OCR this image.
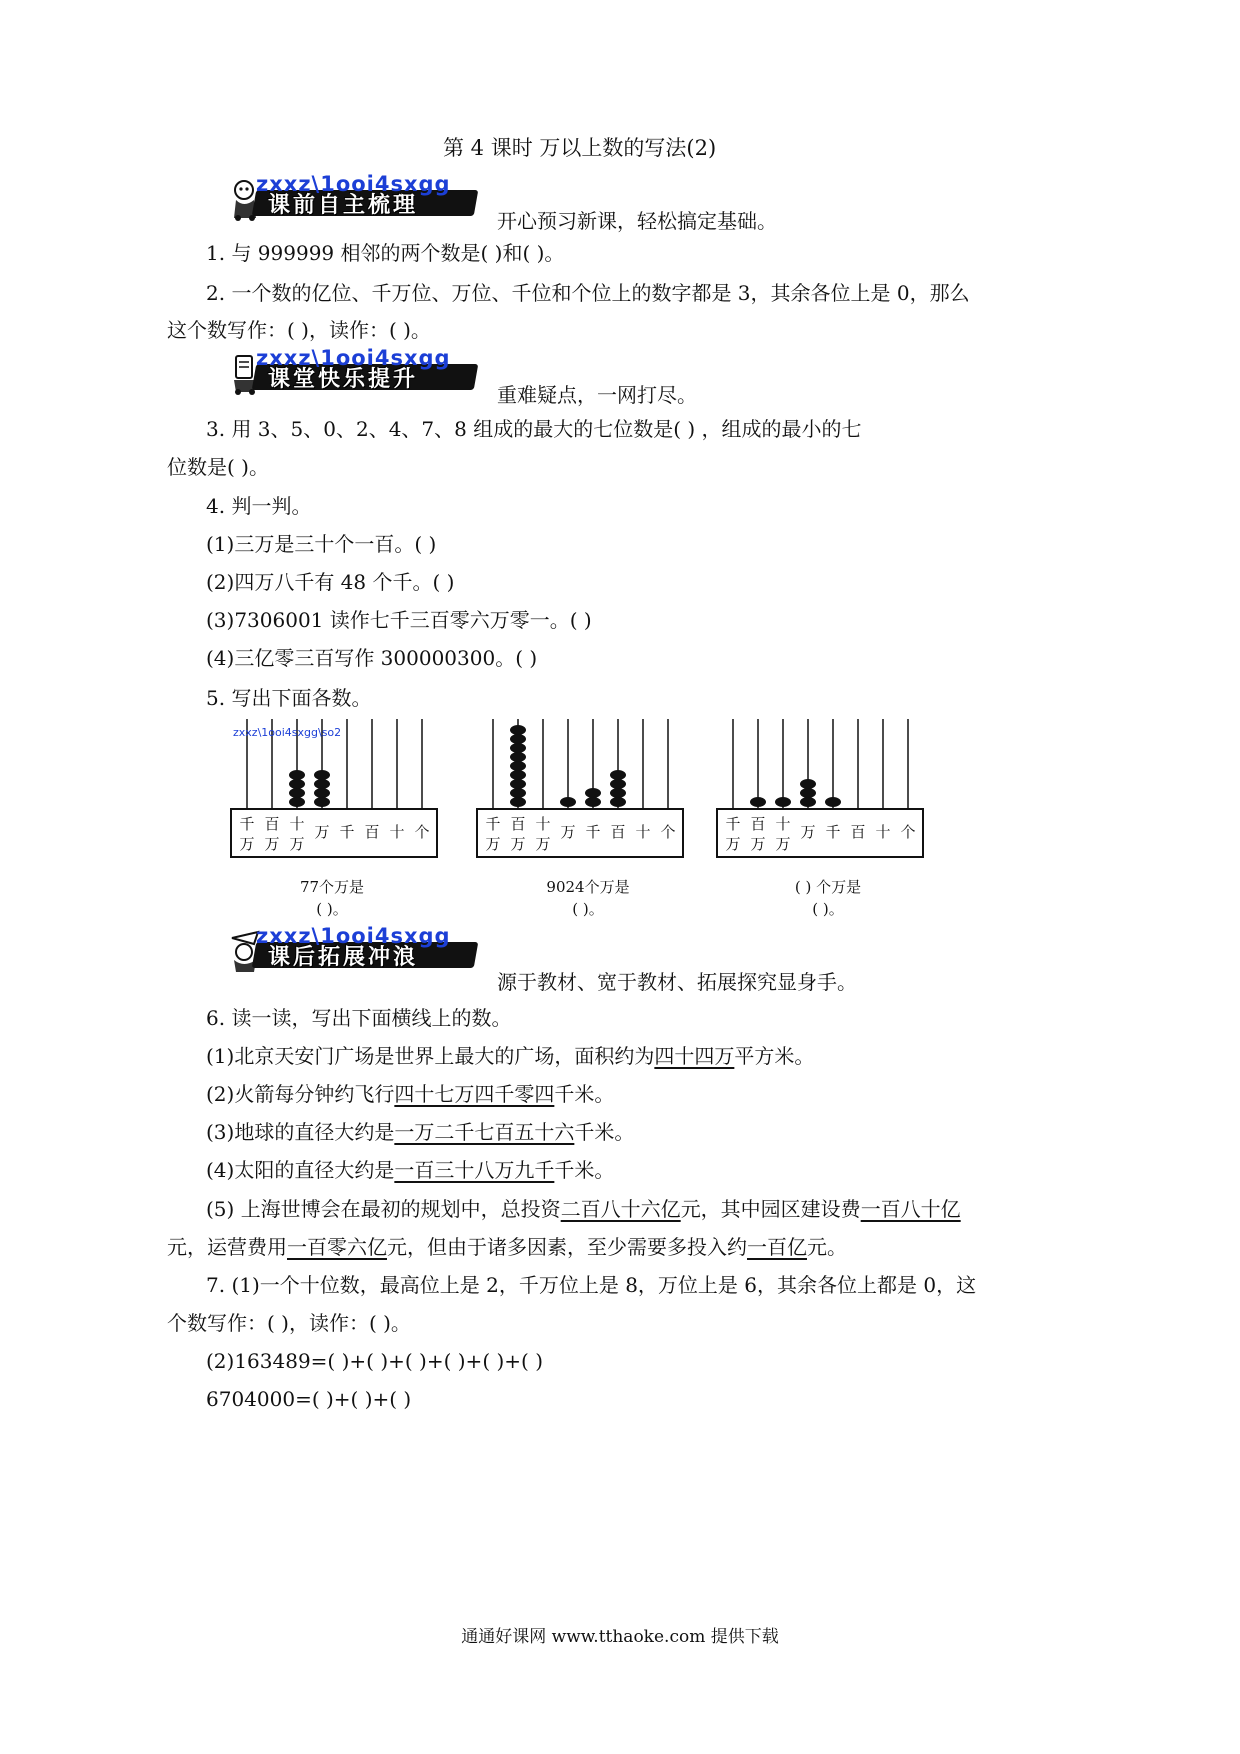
第 4 课时 万以上数的写法(2)
课前自主梳理
zxxz\1ooi4sxgg
开心预习新课，轻松搞定基础。
1. 与 999999 相邻的两个数是( )和( )。
2. 一个数的亿位、千万位、万位、千位和个位上的数字都是 3，其余各位上是 0，那么
这个数写作：( )，读作：( )。
课堂快乐提升
zxxz\1ooi4sxgg
重难疑点，一网打尽。
3. 用 3、5、0、2、4、7、8 组成的最大的七位数是( ) ，组成的最小的七
位数是( )。
4. 判一判。
(1)三万是三十个一百。( )
(2)四万八千有 48 个千。( )
(3)7306001 读作七千三百零六万零一。( )
(4)三亿零三百写作 300000300。( )
5. 写出下面各数。
千
万
百
万
十
万
万 千 百 十 个	千
万
百
万
十
万
万 千 百 十 个	千
万
百
万
十
万
万 千 百 十 个
zxxz\1ooi4sxgg\so2
77个万是
( )。
9024个万是
( )。
( ) 个万是
( )。
课后拓展冲浪
zxxz\1ooi4sxgg
源于教材、宽于教材、拓展探究显身手。
6. 读一读，写出下面横线上的数。
(1)北京天安门广场是世界上最大的广场，面积约为四十四万平方米。
(2)火箭每分钟约飞行四十七万四千零四千米。
(3)地球的直径大约是一万二千七百五十六千米。
(4)太阳的直径大约是一百三十八万九千千米。
(5) 上海世博会在最初的规划中，总投资二百八十六亿元，其中园区建设费一百八十亿
元，运营费用一百零六亿元，但由于诸多因素，至少需要多投入约一百亿元。
7. (1)一个十位数，最高位上是 2，千万位上是 8，万位上是 6，其余各位上都是 0，这
个数写作：( )，读作：( )。
(2)163489=( )+( )+( )+( )+( )+( )
6704000=( )+( )+( )
通通好课网 www.tthaoke.com 提供下载
